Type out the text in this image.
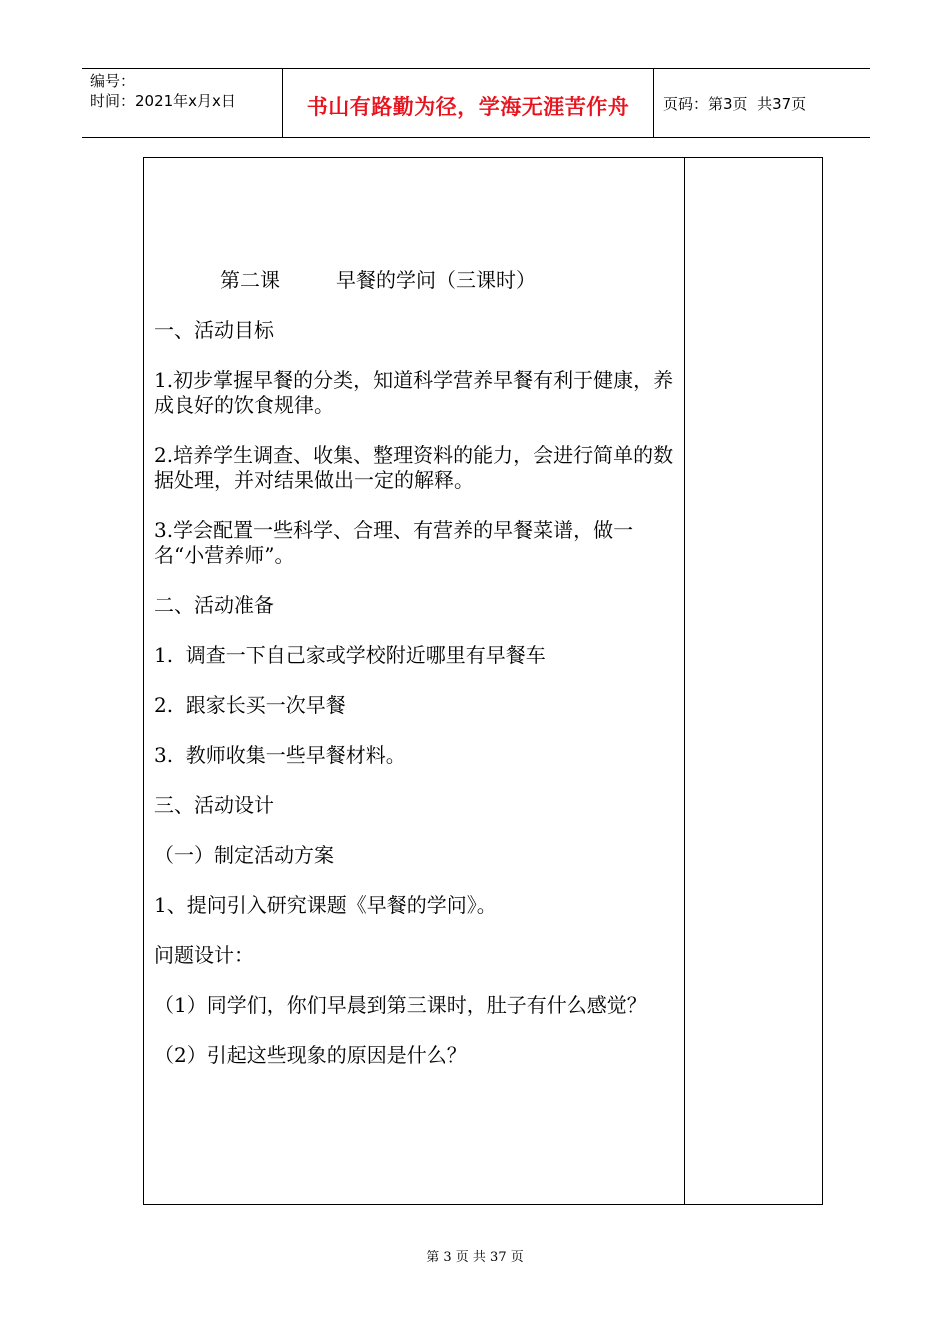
编号：
时间：2021年x月x日	书山有路勤为径，学海无涯苦作舟	页码：第3页  共37页

第二课	早餐的学问（三课时）

一、活动目标

1.初步掌握早餐的分类，知道科学营养早餐有利于健康，养成良好的饮食规律。

2.培养学生调查、收集、整理资料的能力，会进行简单的数据处理，并对结果做出一定的解释。

3.学会配置一些科学、合理、有营养的早餐菜谱，做一名“小营养师”。

二、活动准备

1.  调查一下自己家或学校附近哪里有早餐车

2.  跟家长买一次早餐

3.  教师收集一些早餐材料。

三、活动设计

（一）制定活动方案

1、提问引入研究课题《早餐的学问》。

问题设计：

（1）同学们，你们早晨到第三课时，肚子有什么感觉？

（2）引起这些现象的原因是什么？

第 3 页 共 37 页
